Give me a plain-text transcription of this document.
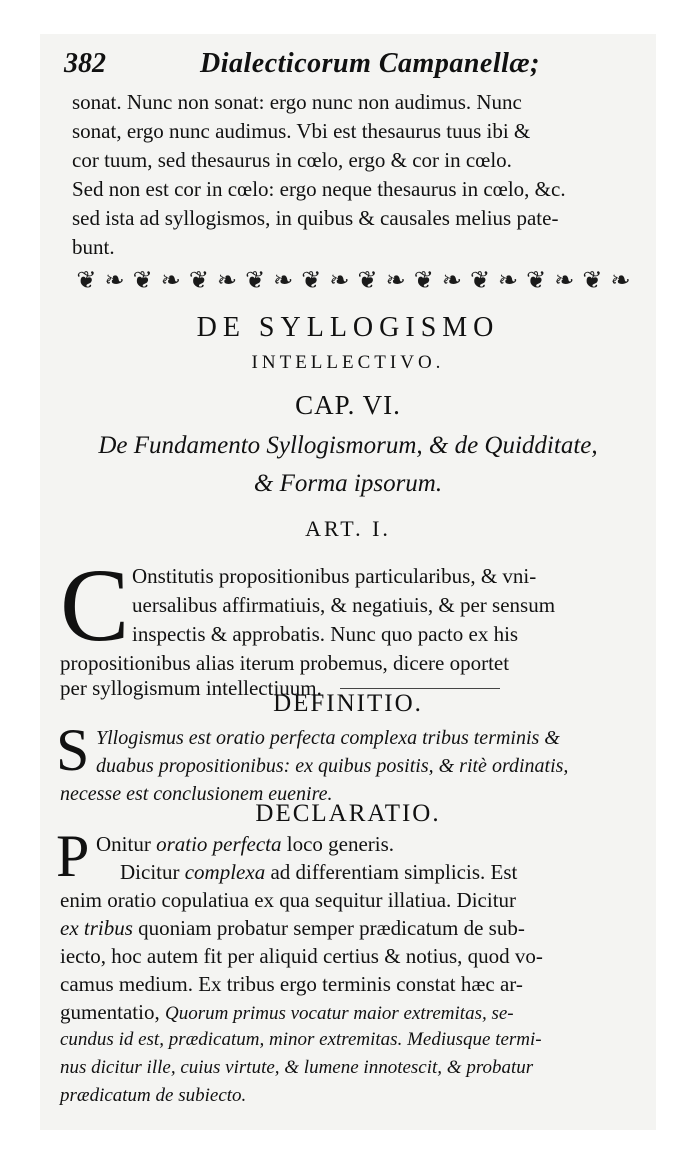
382	Dialecticorum Campanellæ;
sonat. Nunc non sonat: ergo nunc non audimus. Nunc
sonat, ergo nunc audimus. Vbi est thesaurus tuus ibi &
cor tuum, sed thesaurus in cœlo, ergo & cor in cœlo.
Sed non est cor in cœlo: ergo neque thesaurus in cœlo, &c.
sed ista ad syllogismos, in quibus & causales melius pate-
bunt.
❦ ❧ ❦ ❧ ❦ ❧ ❦ ❧ ❦ ❧ ❦ ❧ ❦ ❧ ❦ ❧ ❦ ❧ ❦ ❧
DE SYLLOGISMO
INTELLECTIVO.
CAP. VI.
De Fundamento Syllogismorum, & de Quidditate,
& Forma ipsorum.
ART. I.
C Onstitutis propositionibus particularibus, & vni-
uersalibus affirmatiuis, & negatiuis, & per sensum
inspectis & approbatis. Nunc quo pacto ex his
propositionibus alias iterum probemus, dicere oportet
per syllogismum intellectiuum.
DEFINITIO.
S Yllogismus est oratio perfecta complexa tribus terminis &
duabus propositionibus: ex quibus positis, & ritè ordinatis,
necesse est conclusionem euenire.
DECLARATIO.
P Onitur oratio perfecta loco generis.
Dicitur complexa ad differentiam simplicis. Est
enim oratio copulatiua ex qua sequitur illatiua. Dicitur
ex tribus quoniam probatur semper prædicatum de sub-
iecto, hoc autem fit per aliquid certius & notius, quod vo-
camus medium. Ex tribus ergo terminis constat hæc ar-
gumentatio, Quorum primus vocatur maior extremitas, se-
cundus id est, prædicatum, minor extremitas. Mediusque termi-
nus dicitur ille, cuius virtute, & lumene innotescit, & probatur
prædicatum de subiecto.
